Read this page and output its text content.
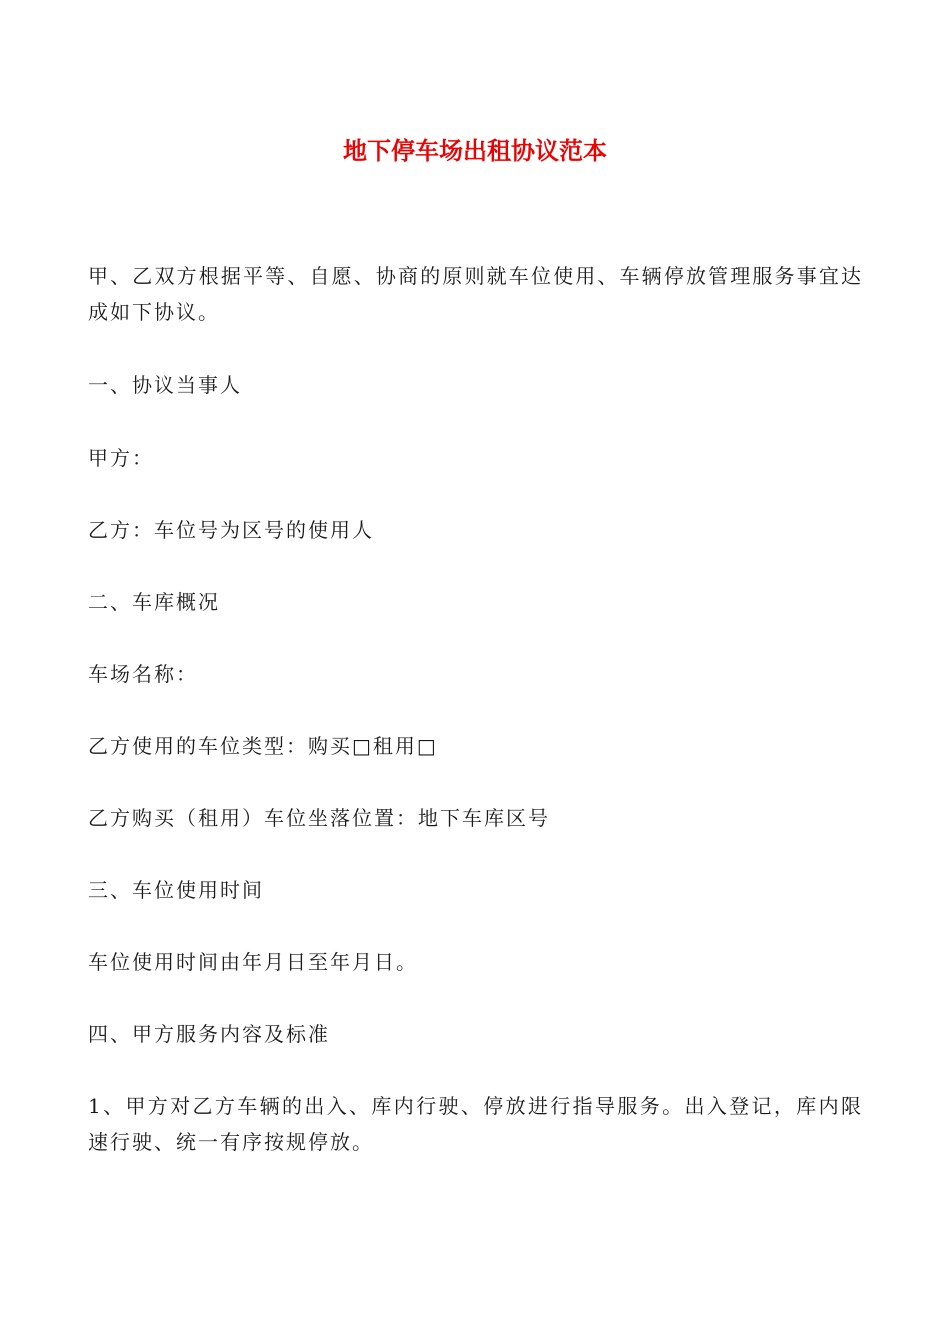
地下停车场出租协议范本
甲、乙双方根据平等、自愿、协商的原则就车位使用、车辆停放管理服务事宜达成如下协议。
一、协议当事人
甲方：
乙方：车位号为区号的使用人
二、车库概况
车场名称：
乙方使用的车位类型：购买□租用□
乙方购买（租用）车位坐落位置：地下车库区号
三、车位使用时间
车位使用时间由年月日至年月日。
四、甲方服务内容及标准
1、甲方对乙方车辆的出入、库内行驶、停放进行指导服务。出入登记，库内限速行驶、统一有序按规停放。
